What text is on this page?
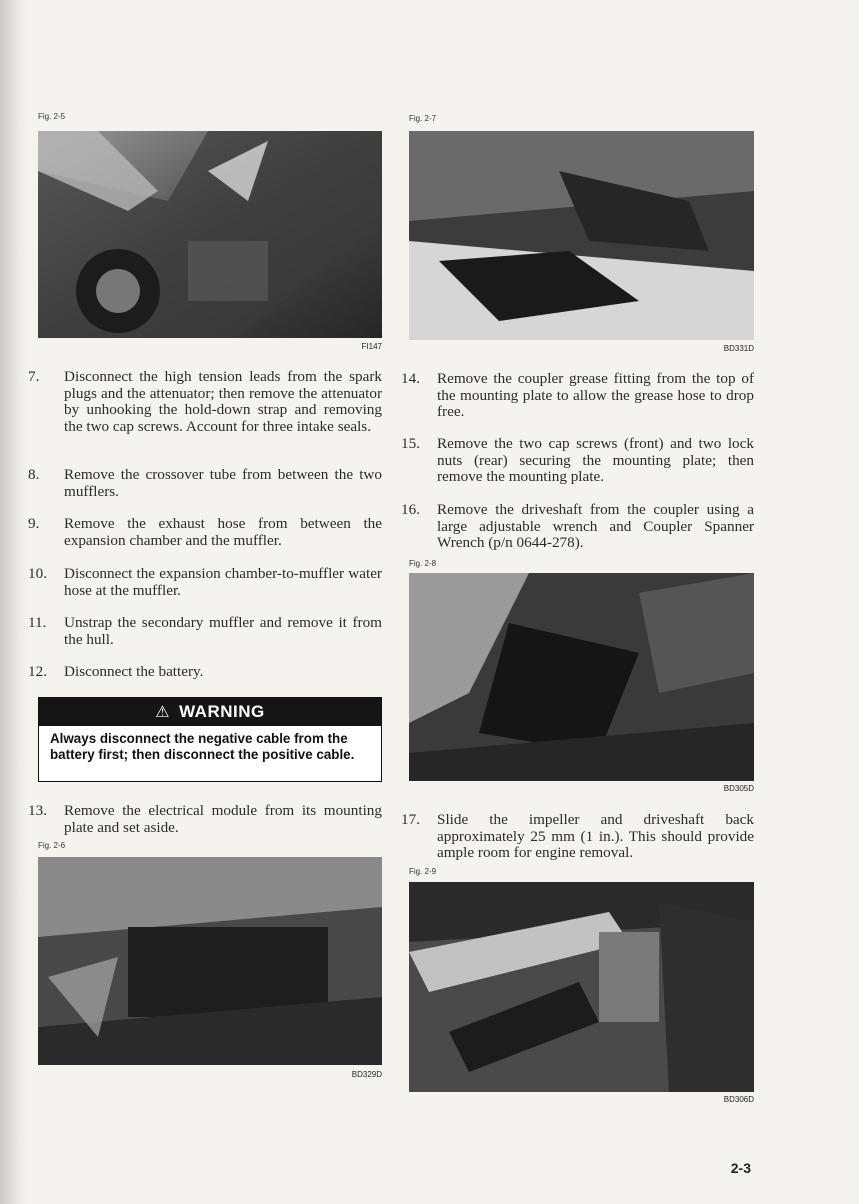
Fig. 2-5
FI147
Fig. 2-7
BD331D
7.	Disconnect the high tension leads from the spark plugs and the attenuator; then remove the attenuator by unhooking the hold-down strap and removing the two cap screws. Account for three intake seals.
8.	Remove the crossover tube from between the two mufflers.
9.	Remove the exhaust hose from between the expansion chamber and the muffler.
10.	Disconnect the expansion chamber-to-muffler water hose at the muffler.
11.	Unstrap the secondary muffler and remove it from the hull.
12.	Disconnect the battery.
⚠ WARNING
Always disconnect the negative cable from the battery first; then disconnect the positive cable.
13.	Remove the electrical module from its mounting plate and set aside.
Fig. 2-6
BD329D
14.	Remove the coupler grease fitting from the top of the mounting plate to allow the grease hose to drop free.
15.	Remove the two cap screws (front) and two lock nuts (rear) securing the mounting plate; then remove the mounting plate.
16.	Remove the driveshaft from the coupler using a large adjustable wrench and Coupler Spanner Wrench (p/n 0644-278).
Fig. 2-8
BD305D
17.	Slide the impeller and driveshaft back approximately 25 mm (1 in.). This should provide ample room for engine removal.
Fig. 2-9
BD306D
2-3
